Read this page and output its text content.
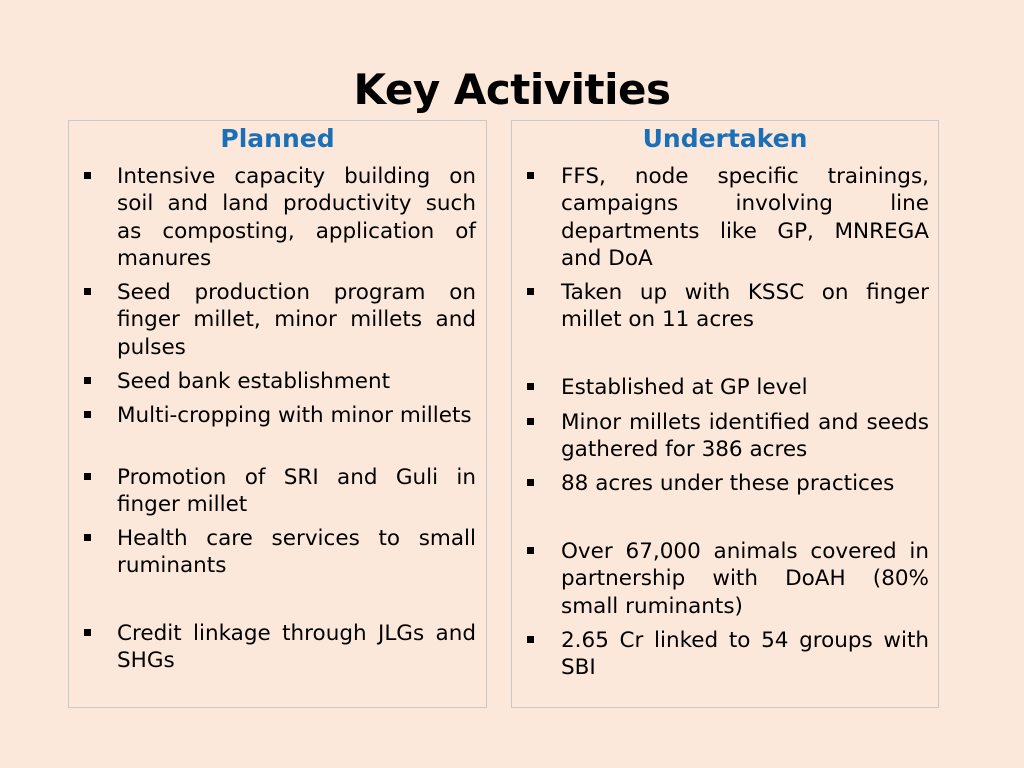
Key Activities
Planned
Intensive capacity building on soil and land productivity such as composting, application of manures
Seed production program on finger millet, minor millets and pulses
Seed bank establishment
Multi-cropping with minor millets
Promotion of SRI and Guli in finger millet
Health care services to small ruminants
Credit linkage through JLGs and SHGs
Undertaken
FFS, node specific trainings, campaigns involving line departments like GP, MNREGA and DoA
Taken up with KSSC on finger millet on 11 acres
Established at GP level
Minor millets identified and seeds gathered for 386 acres
88 acres under these practices
Over 67,000 animals covered in partnership with DoAH (80% small ruminants)
2.65 Cr linked to 54 groups with SBI
